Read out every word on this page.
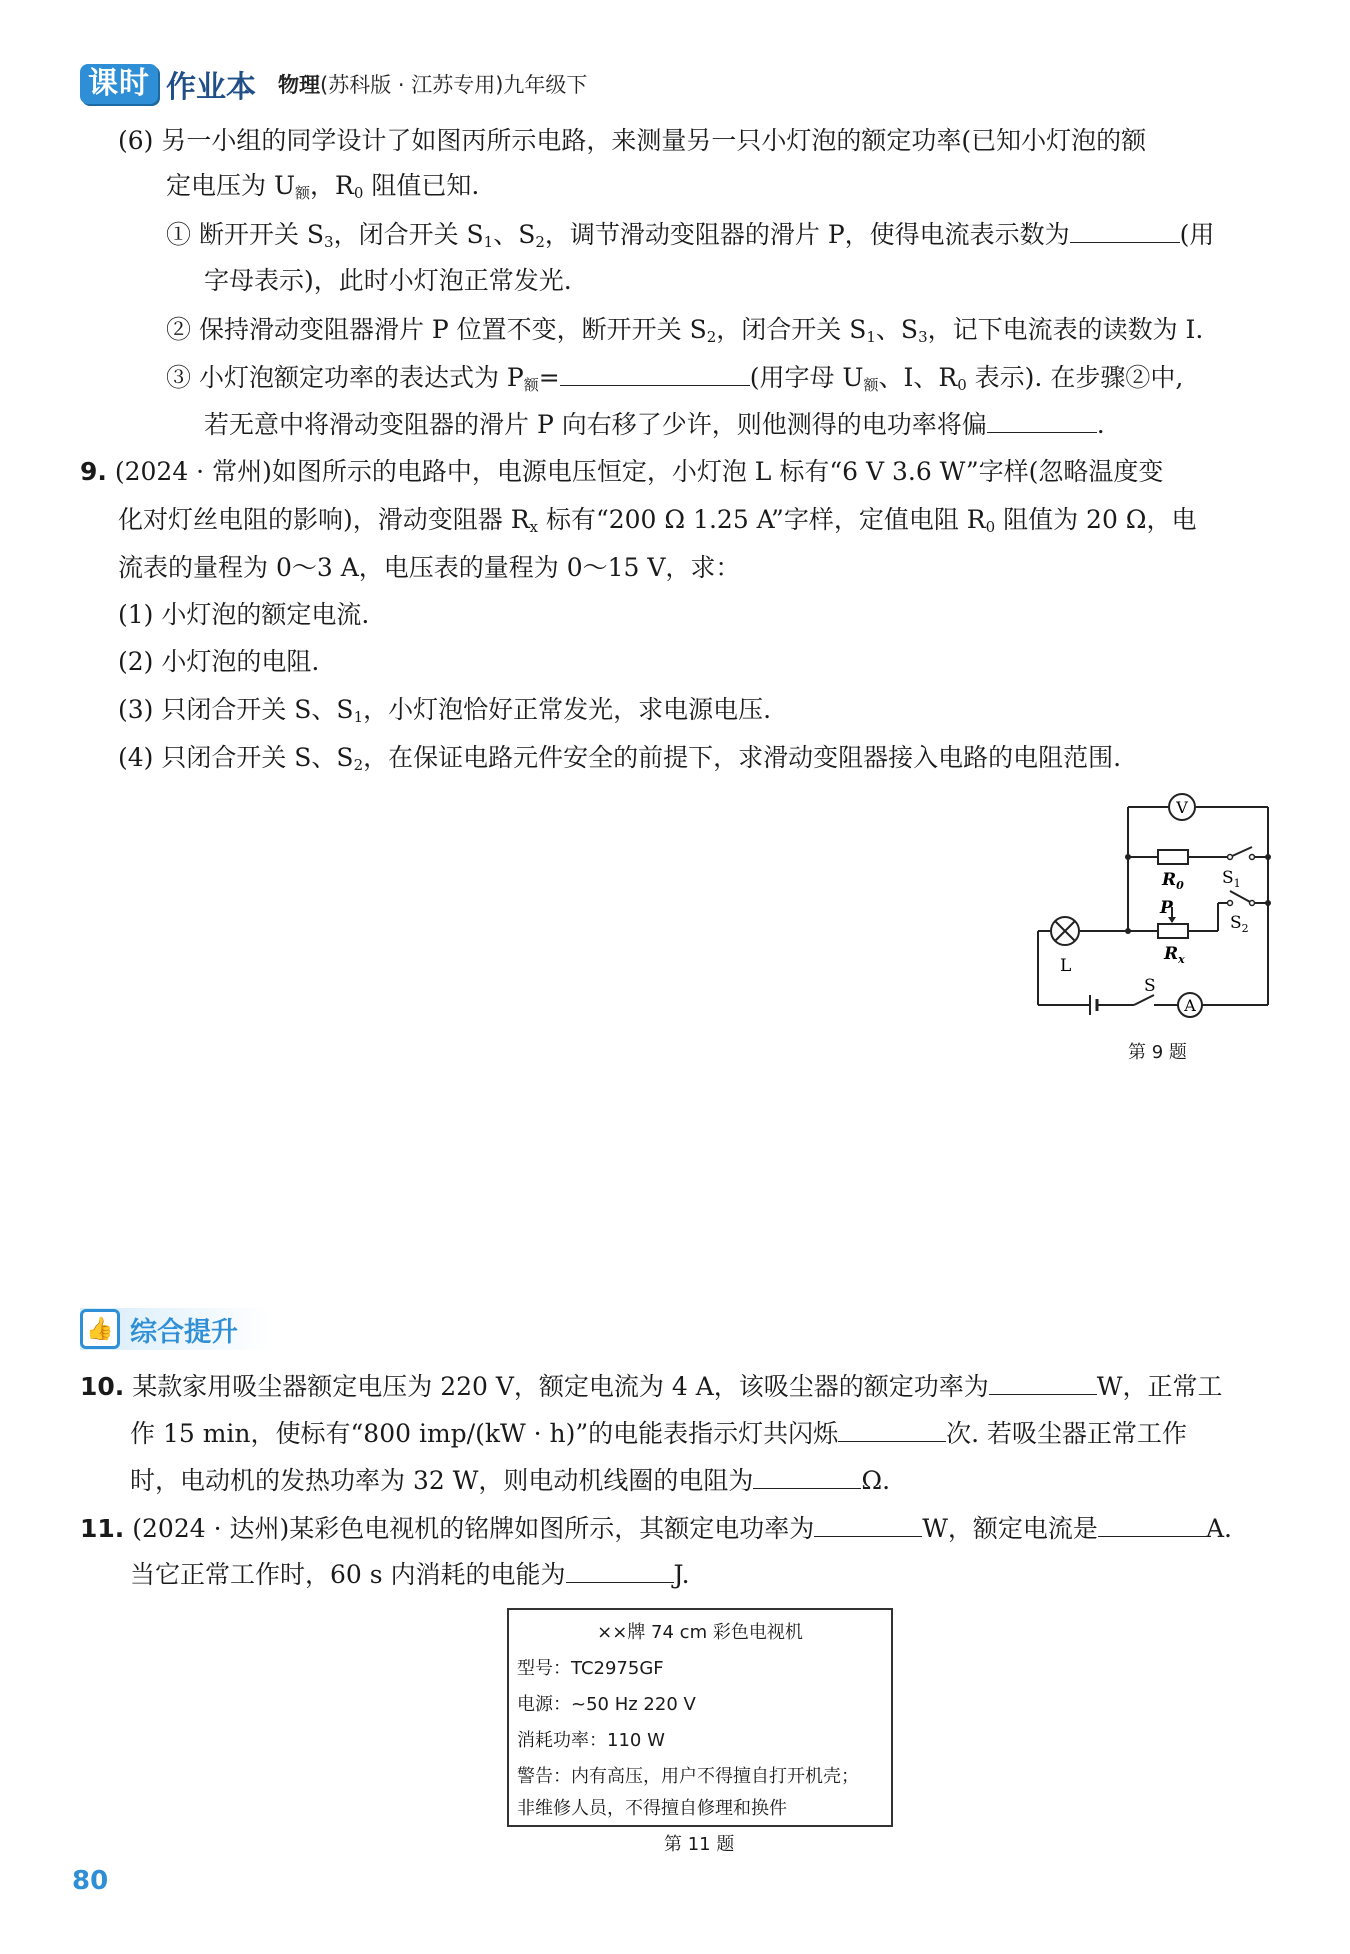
课时 作业本 物理(苏科版 · 江苏专用)九年级下
(6) 另一小组的同学设计了如图丙所示电路，来测量另一只小灯泡的额定功率(已知小灯泡的额
定电压为 $U_额$，$R_0$ 阻值已知.
① 断开开关 $S_3$，闭合开关 $S_1$、$S_2$，调节滑动变阻器的滑片 P，使得电流表示数为	(用
字母表示)，此时小灯泡正常发光.
② 保持滑动变阻器滑片 P 位置不变，断开开关 $S_2$，闭合开关 $S_1$、$S_3$，记下电流表的读数为 I.
③ 小灯泡额定功率的表达式为 $P_额=$	(用字母 $U_额$、I、$R_0$ 表示). 在步骤②中,
若无意中将滑动变阻器的滑片 P 向右移了少许，则他测得的电功率将偏	.
9. (2024 · 常州)如图所示的电路中，电源电压恒定，小灯泡 L 标有“6 V 3.6 W”字样(忽略温度变
化对灯丝电阻的影响)，滑动变阻器 $R_x$ 标有“200 Ω 1.25 A”字样，定值电阻 $R_0$ 阻值为 20 Ω，电
流表的量程为 0～3 A，电压表的量程为 0～15 V，求：
(1) 小灯泡的额定电流.
(2) 小灯泡的电阻.
(3) 只闭合开关 S、$S_1$，小灯泡恰好正常发光，求电源电压.
(4) 只闭合开关 S、$S_2$，在保证电路元件安全的前提下，求滑动变阻器接入电路的电阻范围.
V
L
A
S
$S_1$
$S_2$
$R_0$
$R_x$
P
第 9 题
👍 综合提升
10. 某款家用吸尘器额定电压为 220 V，额定电流为 4 A，该吸尘器的额定功率为	W，正常工
作 15 min，使标有“800 imp/(kW · h)”的电能表指示灯共闪烁	次. 若吸尘器正常工作
时，电动机的发热功率为 32 W，则电动机线圈的电阻为	Ω.
11. (2024 · 达州)某彩色电视机的铭牌如图所示，其额定电功率为	W，额定电流是	A.
当它正常工作时，60 s 内消耗的电能为	J.
××牌 74 cm 彩色电视机
型号：TC2975GF
电源：~50 Hz 220 V
消耗功率：110 W
警告：内有高压，用户不得擅自打开机壳；
非维修人员，不得擅自修理和换件
第 11 题
80
